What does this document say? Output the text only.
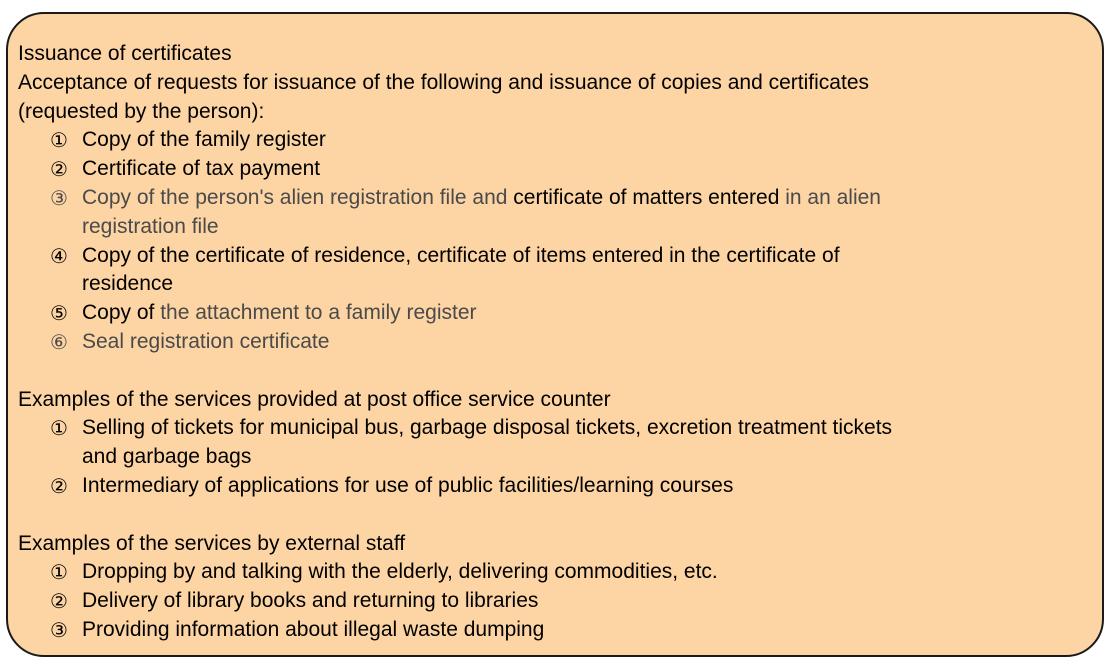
Issuance of certificates
Acceptance of requests for issuance of the following and issuance of copies and certificates
(requested by the person):
① Copy of the family register
② Certificate of tax payment
③ Copy of the person's alien registration file and certificate of matters entered in an alien
registration file
④ Copy of the certificate of residence, certificate of items entered in the certificate of
residence
⑤ Copy of the attachment to a family register
⑥ Seal registration certificate
Examples of the services provided at post office service counter
① Selling of tickets for municipal bus, garbage disposal tickets, excretion treatment tickets
and garbage bags
② Intermediary of applications for use of public facilities/learning courses
Examples of the services by external staff
① Dropping by and talking with the elderly, delivering commodities, etc.
② Delivery of library books and returning to libraries
③ Providing information about illegal waste dumping
